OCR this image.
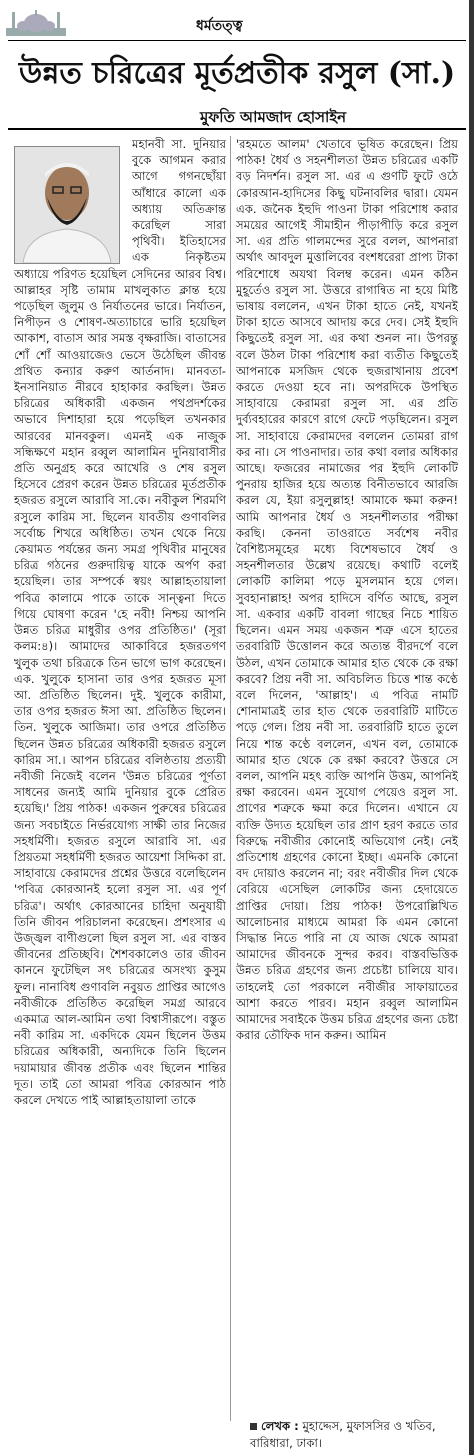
ধর্মতত্ত্ব
উন্নত চরিত্রের মূর্তপ্রতীক রসুল (সা.)
মুফতি আমজাদ হোসাইন

মহানবী সা. দুনিয়ার বুকে আগমন করার আগে গগনছোঁয়া আঁধারে কালো এক অধ্যায় অতিক্রান্ত করেছিল সারা পৃথিবী। ইতিহাসের এক নিকৃষ্টতম অধ্যায়ে পরিণত হয়েছিল সেদিনের আরব বিশ্ব। আল্লাহর সৃষ্টি তামাম মাখলুকাত ক্লান্ত হয়ে পড়েছিল জুলুম ও নির্যাতনের ভারে। নির্যাতন, নিপীড়ন ও শোষণ-অত্যাচারে ভারি হয়েছিল আকাশ, বাতাস আর সমস্ত বৃক্ষরাজি। বাতাসের শোঁ শোঁ আওয়াজেও ভেসে উঠেছিল জীবন্ত প্রথিত কন্যার করুণ আর্তনাদ। মানবতা-ইনসানিয়াত নীরবে হাহাকার করছিল। উন্নত চরিত্রের অধিকারী একজন পথপ্রদর্শকের অভাবে দিশাহারা হয়ে পড়েছিল তখনকার আরবের মানবকুল। এমনই এক নাজুক সন্ধিক্ষণে মহান রব্বুল আলামিন দুনিয়াবাসীর প্রতি অনুগ্রহ করে আখেরি ও শেষ রসুল হিসেবে প্রেরণ করেন উন্নত চরিত্রের মূর্তপ্রতীক হজরত রসুলে আরাবি সা.কে। নবীকুল শিরমণি রসুলে কারিম সা. ছিলেন যাবতীয় গুণাবলির সর্বোচ্চ শিখরে অধিষ্ঠিত। তখন থেকে নিয়ে কেয়ামত পর্যন্তের জন্য সমগ্র পৃথিবীর মানুষের চরিত্র গঠনের গুরুদায়িত্ব যাকে অর্পণ করা হয়েছিল। তার সম্পর্কে স্বয়ং আল্লাহতায়ালা পবিত্র কালামে পাকে তাকে সান্ত্বনা দিতে গিয়ে ঘোষণা করেন 'হে নবী! নিশ্চয় আপনি উন্নত চরিত্র মাধুরীর ওপর প্রতিষ্ঠিত।' (সূরা কলম:৪)। আমাদের আকাবিরে হজরতগণ খুলুক তথা চরিত্রকে তিন ভাগে ভাগ করেছেন। এক. খুলুকে হাসানা তার ওপর হজরত মূসা আ. প্রতিষ্ঠিত ছিলেন। দুই. খুলুকে কারীমা, তার ওপর হজরত ঈসা আ. প্রতিষ্ঠিত ছিলেন। তিন. খুলুকে আজিমা। তার ওপরে প্রতিষ্ঠিত ছিলেন উন্নত চরিত্রের অধিকারী হজরত রসুলে কারিম সা.। আপন চরিত্রের বলিষ্ঠতায় প্রত্যয়ী নবীজী নিজেই বলেন 'উন্নত চরিত্রের পূর্ণতা সাধনের জন্যই আমি দুনিয়ার বুকে প্রেরিত হয়েছি।' প্রিয় পাঠক! একজন পুরুষের চরিত্রের জন্য সবচাইতে নির্ভরযোগ্য সাক্ষী তার নিজের সহধর্মিণী। হজরত রসুলে আরাবি সা. এর প্রিয়তমা সহধর্মিণী হজরত আয়েশা সিদ্দিকা রা. সাহাবায়ে কেরামদের প্রশ্নের উত্তরে বলেছিলেন 'পবিত্র কোরআনই হলো রসুল সা. এর পূর্ণ চরিত্র'। অর্থাৎ কোরআনের চাহিদা অনুযায়ী তিনি জীবন পরিচালনা করেছেন। প্রশংসার এ উজ্জ্বল বাণীগুলো ছিল রসুল সা. এর বাস্তব জীবনের প্রতিচ্ছবি। শৈশবকালেও তার জীবন কাননে ফুটেছিল সৎ চরিত্রের অসংখ্য কুসুম ফুল। নানাবিধ গুণাবলি নবুয়ত প্রাপ্তির আগেও নবীজীকে প্রতিষ্ঠিত করেছিল সমগ্র আরবে একমাত্র আল-আমিন তথা বিশ্বাসীরূপে। বস্তুত নবী কারিম সা. একদিকে যেমন ছিলেন উত্তম চরিত্রের অধিকারী, অন্যদিকে তিনি ছিলেন দয়ামায়ার জীবন্ত প্রতীক এবং ছিলেন শান্তির দূত। তাই তো আমরা পবিত্র কোরআন পাঠ করলে দেখতে পাই আল্লাহতায়ালা তাকে

'রহমতে আলম' খেতাবে ভূষিত করেছেন। প্রিয় পাঠক! ধৈর্য ও সহনশীলতা উন্নত চরিত্রের একটি বড় নিদর্শন। রসুল সা. এর এ গুণটি ফুটে ওঠে কোরআন-হাদিসের কিছু ঘটনাবলির দ্বারা। যেমন এক. জনৈক ইহুদি পাওনা টাকা পরিশোধ করার সময়ের আগেই সীমাহীন পীড়াপীড়ি করে রসুল সা. এর প্রতি গালমন্দের সুরে বলল, আপনারা অর্থাৎ আবদুল মুত্তালিবের বংশধরেরা প্রাপ্য টাকা পরিশোধে অযথা বিলম্ব করেন। এমন কঠিন মুহূর্তেও রসুল সা. উত্তরে রাগান্বিত না হয়ে মিষ্টি ভাষায় বললেন, এখন টাকা হাতে নেই, যখনই টাকা হাতে আসবে আদায় করে দেব। সেই ইহুদি কিছুতেই রসুল সা. এর কথা শুনল না। উপরন্তু বলে উঠল টাকা পরিশোধ করা ব্যতীত কিছুতেই আপনাকে মসজিদ থেকে হুজরাখানায় প্রবেশ করতে দেওয়া হবে না। অপরদিকে উপস্থিত সাহাবায়ে কেরামরা রসুল সা. এর প্রতি দুর্ব্যবহারের কারণে রাগে ফেটে পড়ছিলেন। রসুল সা. সাহাবায়ে কেরামদের বললেন তোমরা রাগ কর না। সে পাওনাদার। তার কথা বলার অধিকার আছে। ফজরের নামাজের পর ইহুদি লোকটি পুনরায় হাজির হয়ে অত্যন্ত বিনীতভাবে আরজি করল যে, ইয়া রসুলুল্লাহ! আমাকে ক্ষমা করুন! আমি আপনার ধৈর্য ও সহনশীলতার পরীক্ষা করছি। কেননা তাওরাতে সর্বশেষ নবীর বৈশিষ্ট্যসমূহের মধ্যে বিশেষভাবে ধৈর্য ও সহনশীলতার উল্লেখ রয়েছে। কথাটি বলেই লোকটি কালিমা পড়ে মুসলমান হয়ে গেল। সুবহানাল্লাহ! অপর হাদিসে বর্ণিত আছে, রসুল সা. একবার একটি বাবলা গাছের নিচে শায়িত ছিলেন। এমন সময় একজন শত্রু এসে হাতের তরবারিটি উত্তোলন করে অত্যন্ত বীরদর্পে বলে উঠল, এখন তোমাকে আমার হাত থেকে কে রক্ষা করবে? প্রিয় নবী সা. অবিচলিত চিত্তে শান্ত কণ্ঠে বলে দিলেন, 'আল্লাহ'। এ পবিত্র নামটি শোনামাত্রই তার হাত থেকে তরবারিটি মাটিতে পড়ে গেল। প্রিয় নবী সা. তরবারিটি হাতে তুলে নিয়ে শান্ত কণ্ঠে বললেন, এখন বল, তোমাকে আমার হাত থেকে কে রক্ষা করবে? উত্তরে সে বলল, আপনি মহৎ ব্যক্তি আপনি উত্তম, আপনিই রক্ষা করবেন। এমন সুযোগ পেয়েও রসুল সা. প্রাণের শত্রুকে ক্ষমা করে দিলেন। এখানে যে ব্যক্তি উদ্যত হয়েছিল তার প্রাণ হরণ করতে তার বিরুদ্ধে নবীজীর কোনোই অভিযোগ নেই। নেই প্রতিশোধ গ্রহণের কোনো ইচ্ছা। এমনকি কোনো বদ দোয়াও করলেন না; বরং নবীজীর দিল থেকে বেরিয়ে এসেছিল লোকটির জন্য হেদায়েতে প্রাপ্তির দোয়া। প্রিয় পাঠক! উপরোল্লিখিত আলোচনার মাধ্যমে আমরা কি এমন কোনো সিদ্ধান্ত নিতে পারি না যে আজ থেকে আমরা আমাদের জীবনকে সুন্দর করব। বাস্তবভিত্তিক উন্নত চরিত্র গ্রহণের জন্য প্রচেষ্টা চালিয়ে যাব। তাহলেই তো পরকালে নবীজীর সাফায়াতের আশা করতে পারব। মহান রব্বুল আলামিন আমাদের সবাইকে উত্তম চরিত্র গ্রহণের জন্য চেষ্টা করার তৌফিক দান করুন। আমিন

লেখক : মুহাদ্দেস, মুফাসসির ও খতিব, বারিধারা, ঢাকা।
